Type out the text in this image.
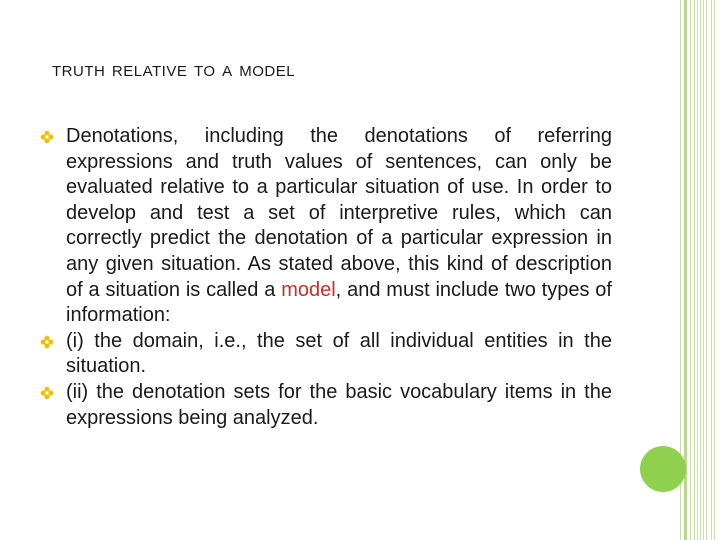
truth relative to a model
Denotations, including the denotations of referring expressions and truth values of sentences, can only be evaluated relative to a particular situation of use. In order to develop and test a set of interpretive rules, which can correctly predict the denotation of a particular expression in any given situation. As stated above, this kind of description of a situation is called a model, and must include two types of information:
(i) the domain, i.e., the set of all individual entities in the situation.
(ii) the denotation sets for the basic vocabulary items in the expressions being analyzed.
